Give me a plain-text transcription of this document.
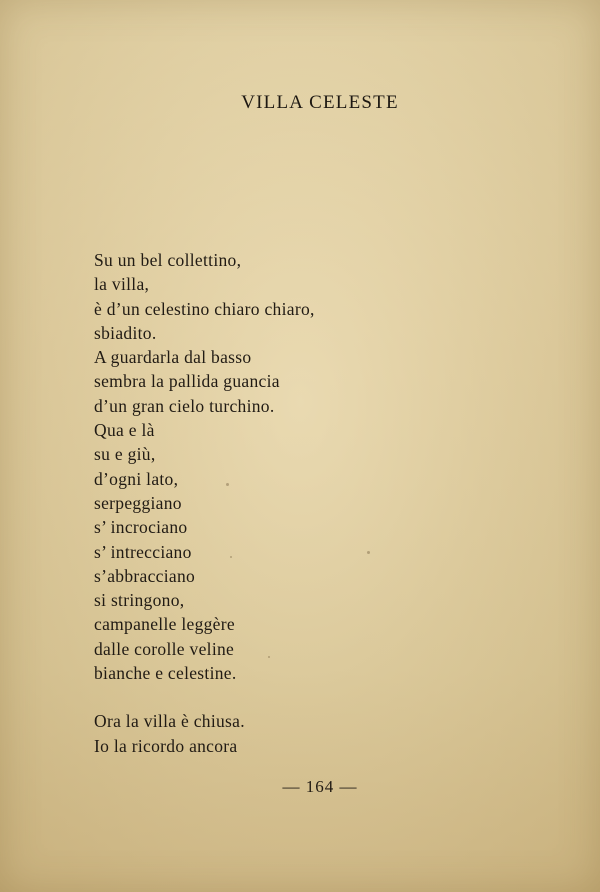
VILLA CELESTE
Su un bel collettino,
la villa,
è d’un celestino chiaro chiaro,
sbiadito.
A guardarla dal basso
sembra la pallida guancia
d’un gran cielo turchino.
Qua e là
su e giù,
d’ogni lato,
serpeggiano
s’ incrociano
s’ intrecciano
s’abbracciano
si stringono,
campanelle leggère
dalle corolle veline
bianche e celestine.
Ora la villa è chiusa.
Io la ricordo ancora
— 164 —
